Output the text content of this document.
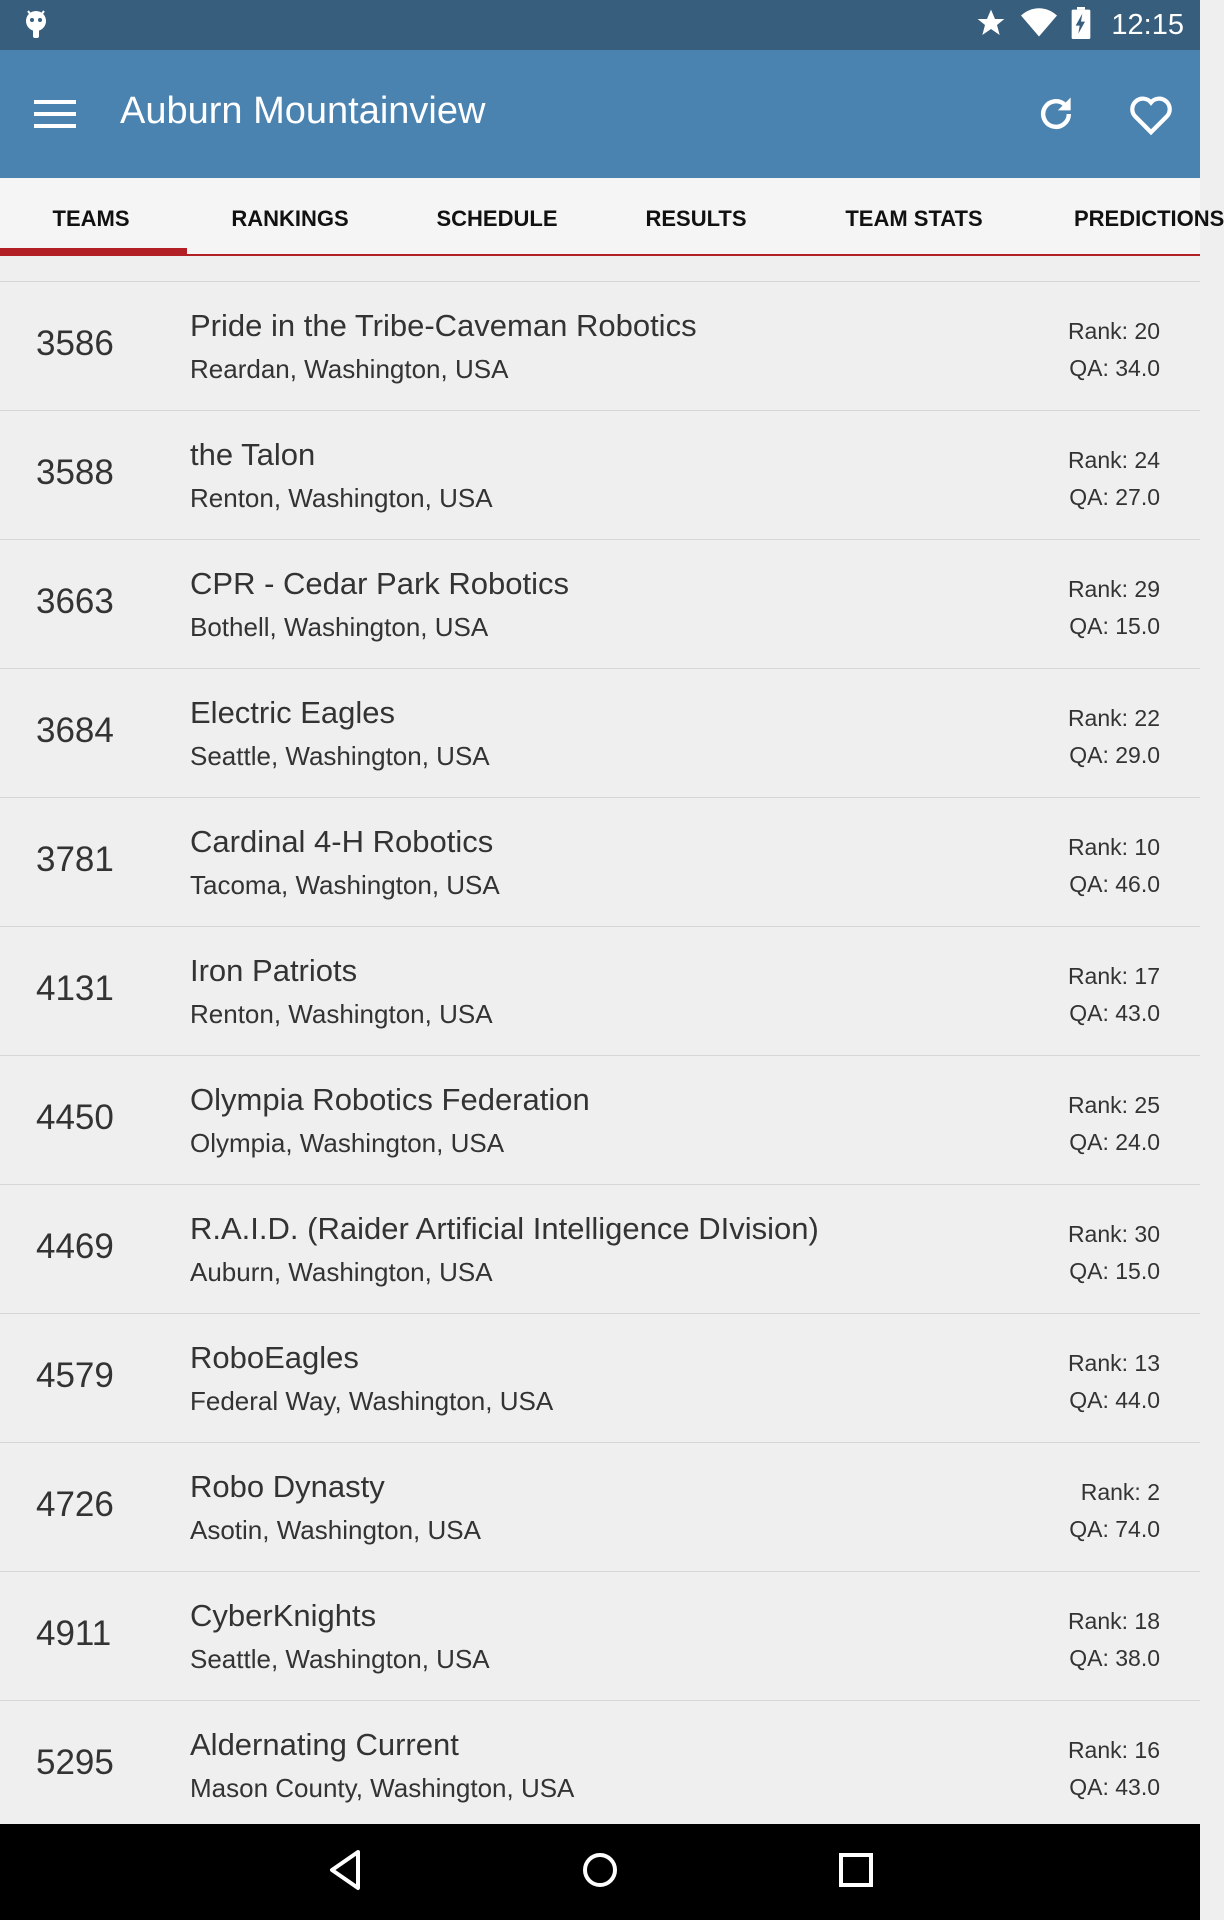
12:15
Auburn Mountainview
TEAMS	RANKINGS	SCHEDULE	RESULTS	TEAM STATS	PREDICTIONS
3586 Pride in the Tribe-Caveman Robotics
Reardan, Washington, USA
Rank: 20
QA: 34.0
3588 the Talon
Renton, Washington, USA
Rank: 24
QA: 27.0
3663 CPR - Cedar Park Robotics
Bothell, Washington, USA
Rank: 29
QA: 15.0
3684 Electric Eagles
Seattle, Washington, USA
Rank: 22
QA: 29.0
3781 Cardinal 4-H Robotics
Tacoma, Washington, USA
Rank: 10
QA: 46.0
4131 Iron Patriots
Renton, Washington, USA
Rank: 17
QA: 43.0
4450 Olympia Robotics Federation
Olympia, Washington, USA
Rank: 25
QA: 24.0
4469 R.A.I.D. (Raider Artificial Intelligence DIvision)
Auburn, Washington, USA
Rank: 30
QA: 15.0
4579 RoboEagles
Federal Way, Washington, USA
Rank: 13
QA: 44.0
4726 Robo Dynasty
Asotin, Washington, USA
Rank: 2
QA: 74.0
4911	CyberKnights
Seattle, Washington, USA
Rank: 18
QA: 38.0
5295 Aldernating Current
Mason County, Washington, USA
Rank: 16
QA: 43.0
